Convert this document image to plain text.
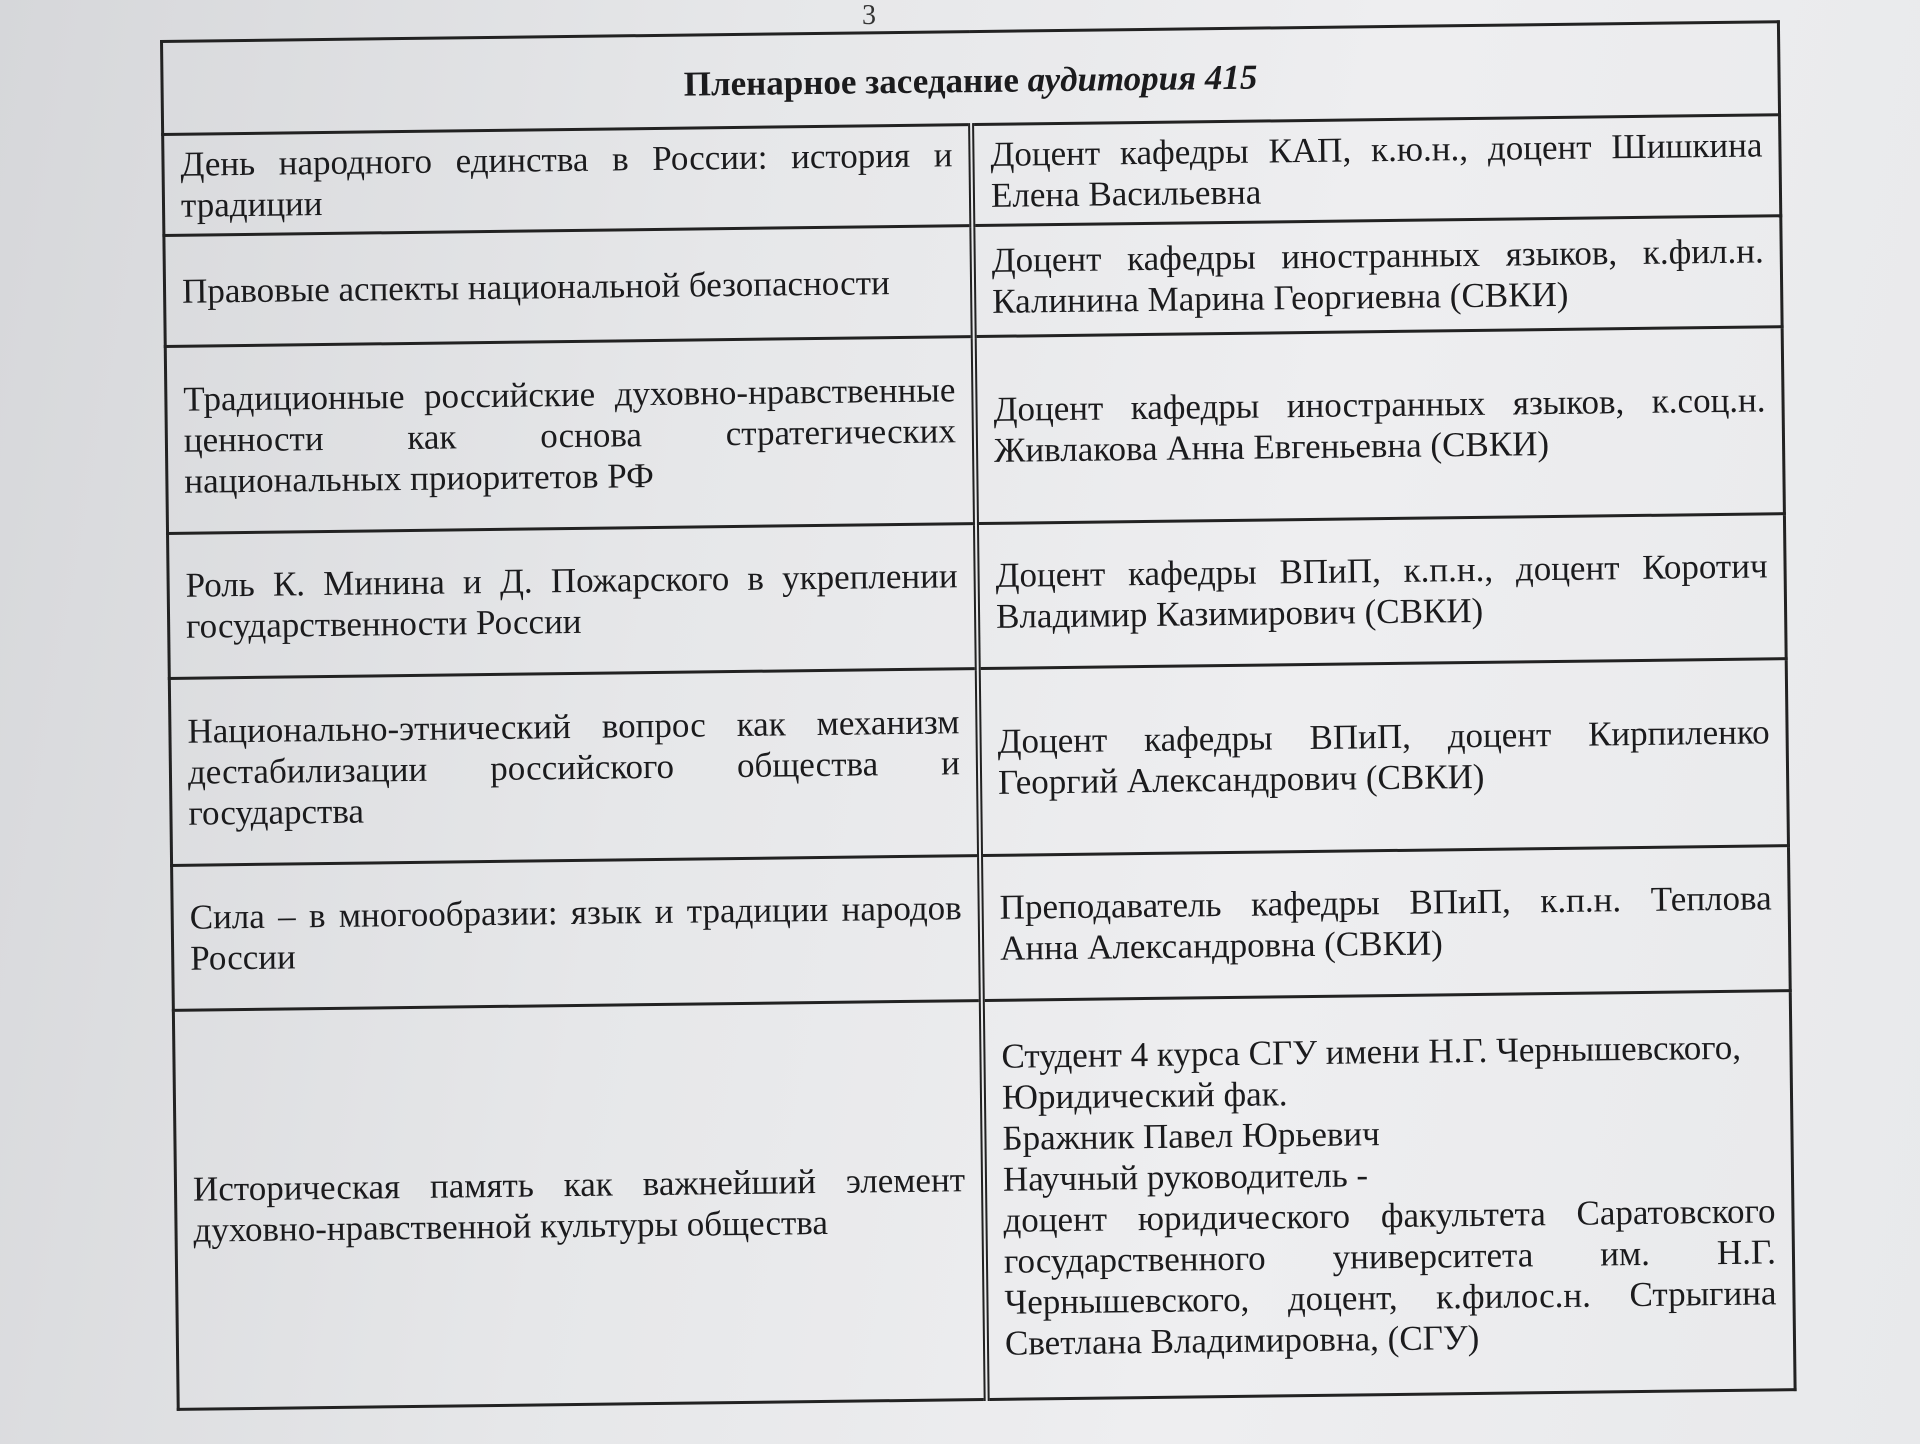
3
Пленарное заседание аудитория 415	
День народного единства в России: история и традиции	Доцент кафедры КАП, к.ю.н., доцент Шишкина Елена Васильевна
Правовые аспекты национальной безопасности	Доцент кафедры иностранных языков, к.фил.н. Калинина Марина Георгиевна (СВКИ)
Традиционные российские духовно-нравственные ценности как основа стратегических национальных приоритетов РФ	Доцент кафедры иностранных языков, к.соц.н. Живлакова Анна Евгеньевна (СВКИ)
Роль К. Минина и Д. Пожарского в укреплении государственности России	Доцент кафедры ВПиП, к.п.н., доцент Коротич Владимир Казимирович (СВКИ)
Национально-этнический вопрос как механизм дестабилизации российского общества и государства	Доцент кафедры ВПиП, доцент Кирпиленко Георгий Александрович (СВКИ)
Сила – в многообразии: язык и традиции народов России	Преподаватель кафедры ВПиП, к.п.н. Теплова Анна Александровна (СВКИ)
Историческая память как важнейший элемент духовно-нравственной культуры общества	Студент 4 курса СГУ имени Н.Г. Чернышевского,
Юридический фак.
Бражник Павел Юрьевич
Научный руководитель -
доцент юридического факультета Саратовского государственного университета им. Н.Г. Чернышевского, доцент, к.филос.н. Стрыгина Светлана Владимировна, (СГУ)
